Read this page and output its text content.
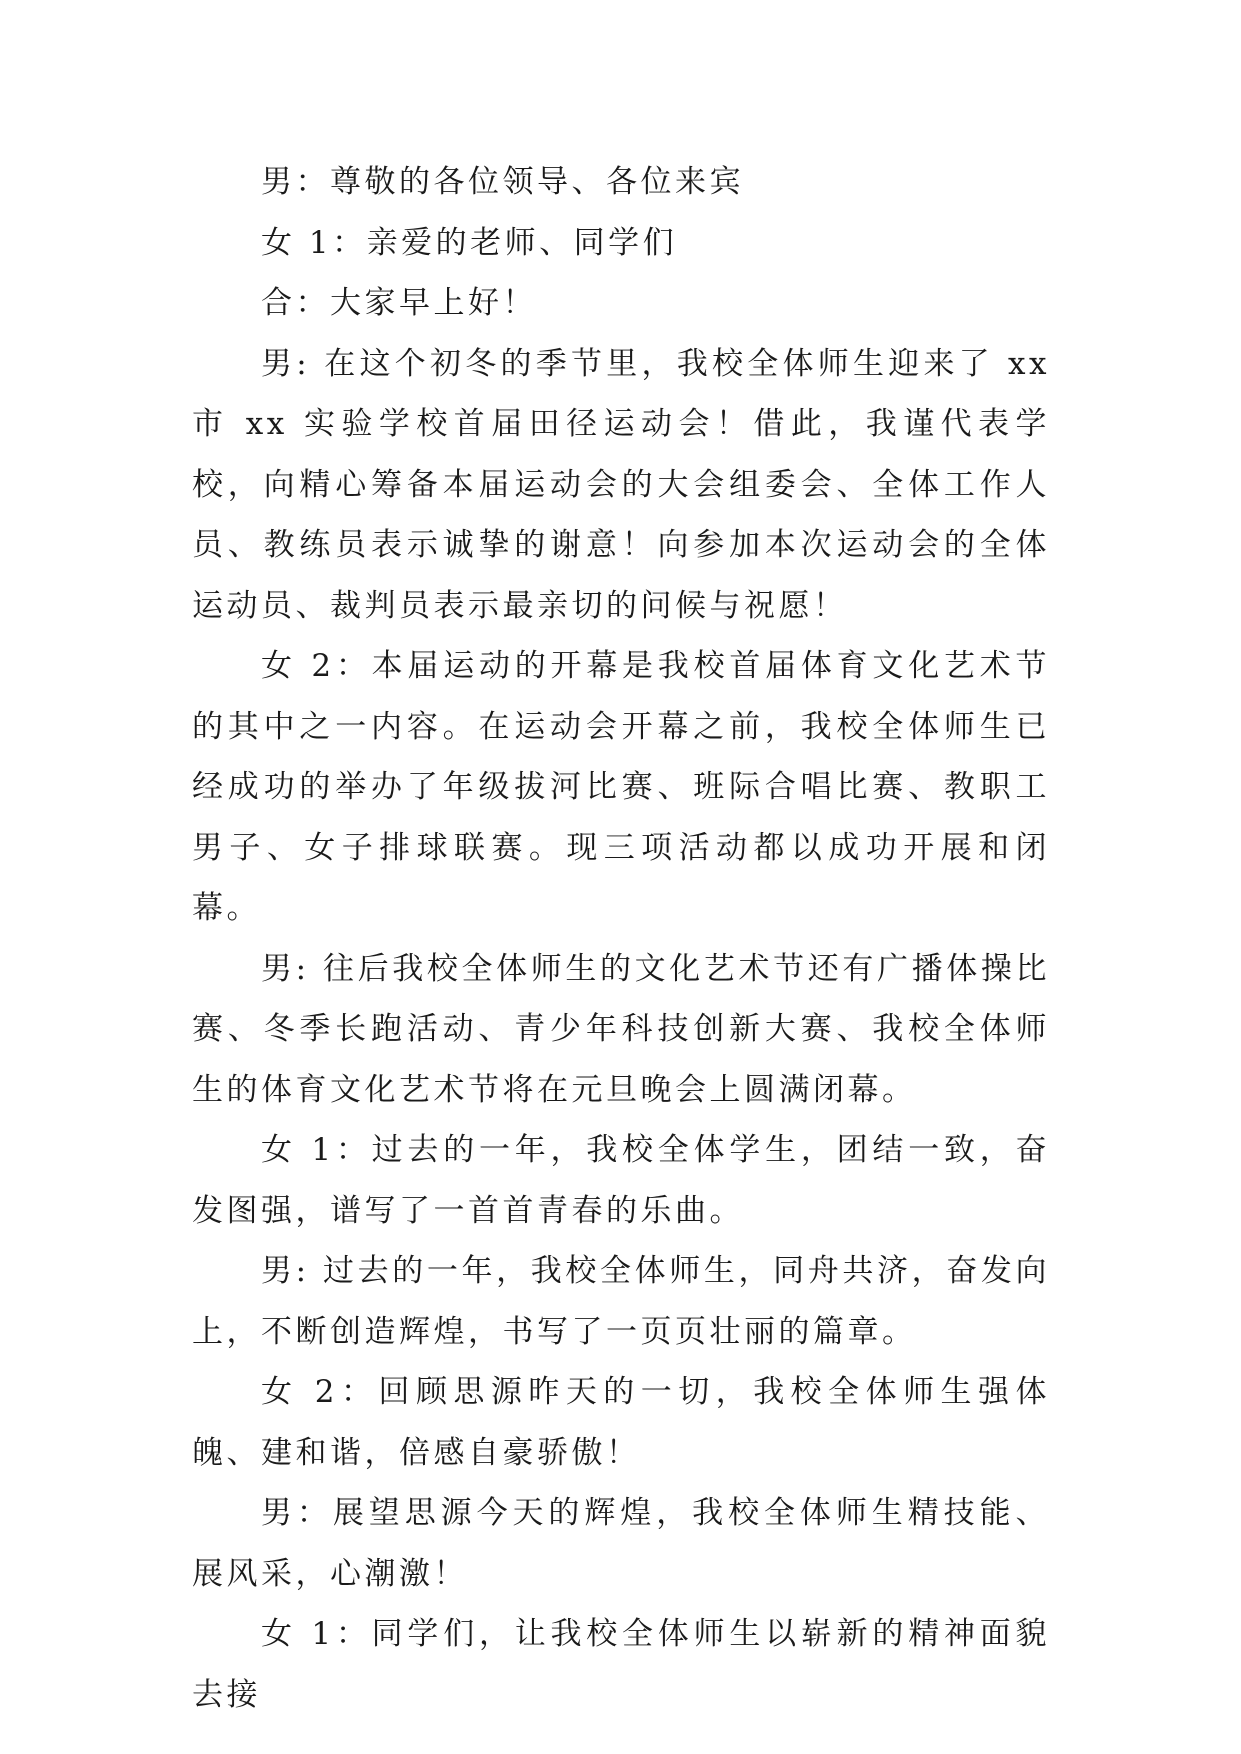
男：尊敬的各位领导、各位来宾

女 1：亲爱的老师、同学们

合：大家早上好！

男: 在这个初冬的季节里，我校全体师生迎来了 xx 市 xx 实验学校首届田径运动会！借此，我谨代表学校，向精心筹备本届运动会的大会组委会、全体工作人员、教练员表示诚挚的谢意！向参加本次运动会的全体运动员、裁判员表示最亲切的问候与祝愿！

女 2：本届运动的开幕是我校首届体育文化艺术节的其中之一内容。在运动会开幕之前，我校全体师生已经成功的举办了年级拔河比赛、班际合唱比赛、教职工男子、女子排球联赛。现三项活动都以成功开展和闭幕。

男: 往后我校全体师生的文化艺术节还有广播体操比赛、冬季长跑活动、青少年科技创新大赛、我校全体师生的体育文化艺术节将在元旦晚会上圆满闭幕。

女 1：过去的一年，我校全体学生，团结一致，奋发图强，谱写了一首首青春的乐曲。

男: 过去的一年，我校全体师生，同舟共济，奋发向上，不断创造辉煌，书写了一页页壮丽的篇章。

女 2：回顾思源昨天的一切，我校全体师生强体魄、建和谐，倍感自豪骄傲！

男：展望思源今天的辉煌，我校全体师生精技能、展风采，心潮激！

女 1：同学们，让我校全体师生以崭新的精神面貌去接
